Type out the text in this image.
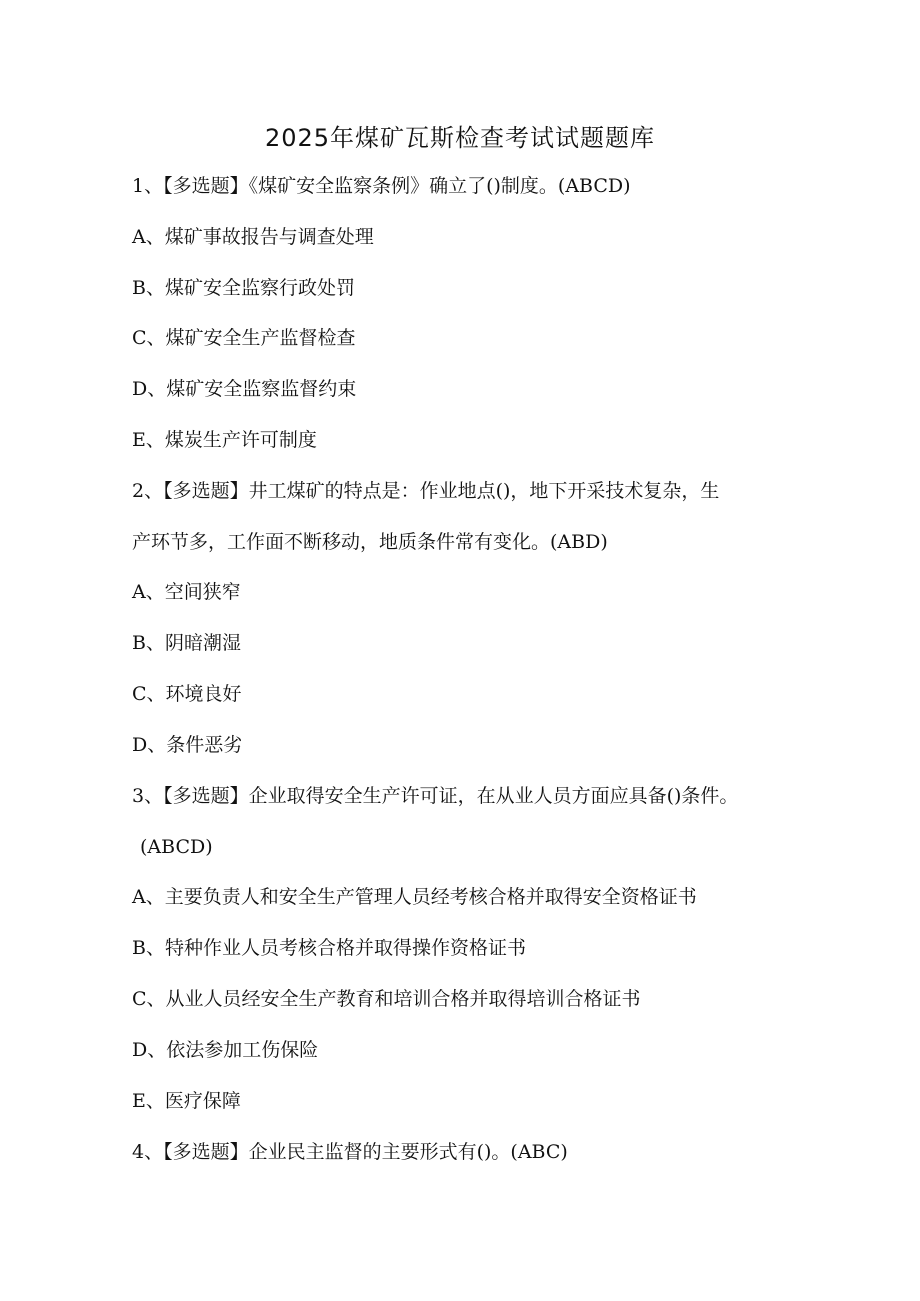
2025年煤矿瓦斯检查考试试题题库
1、【多选题】《煤矿安全监察条例》确立了()制度。(ABCD)
A、煤矿事故报告与调查处理
B、煤矿安全监察行政处罚
C、煤矿安全生产监督检查
D、煤矿安全监察监督约束
E、煤炭生产许可制度
2、【多选题】井工煤矿的特点是：作业地点()，地下开采技术复杂，生
产环节多，工作面不断移动，地质条件常有变化。(ABD)
A、空间狭窄
B、阴暗潮湿
C、环境良好
D、条件恶劣
3、【多选题】企业取得安全生产许可证，在从业人员方面应具备()条件。
(ABCD)
A、主要负责人和安全生产管理人员经考核合格并取得安全资格证书
B、特种作业人员考核合格并取得操作资格证书
C、从业人员经安全生产教育和培训合格并取得培训合格证书
D、依法参加工伤保险
E、医疗保障
4、【多选题】企业民主监督的主要形式有()。(ABC)
